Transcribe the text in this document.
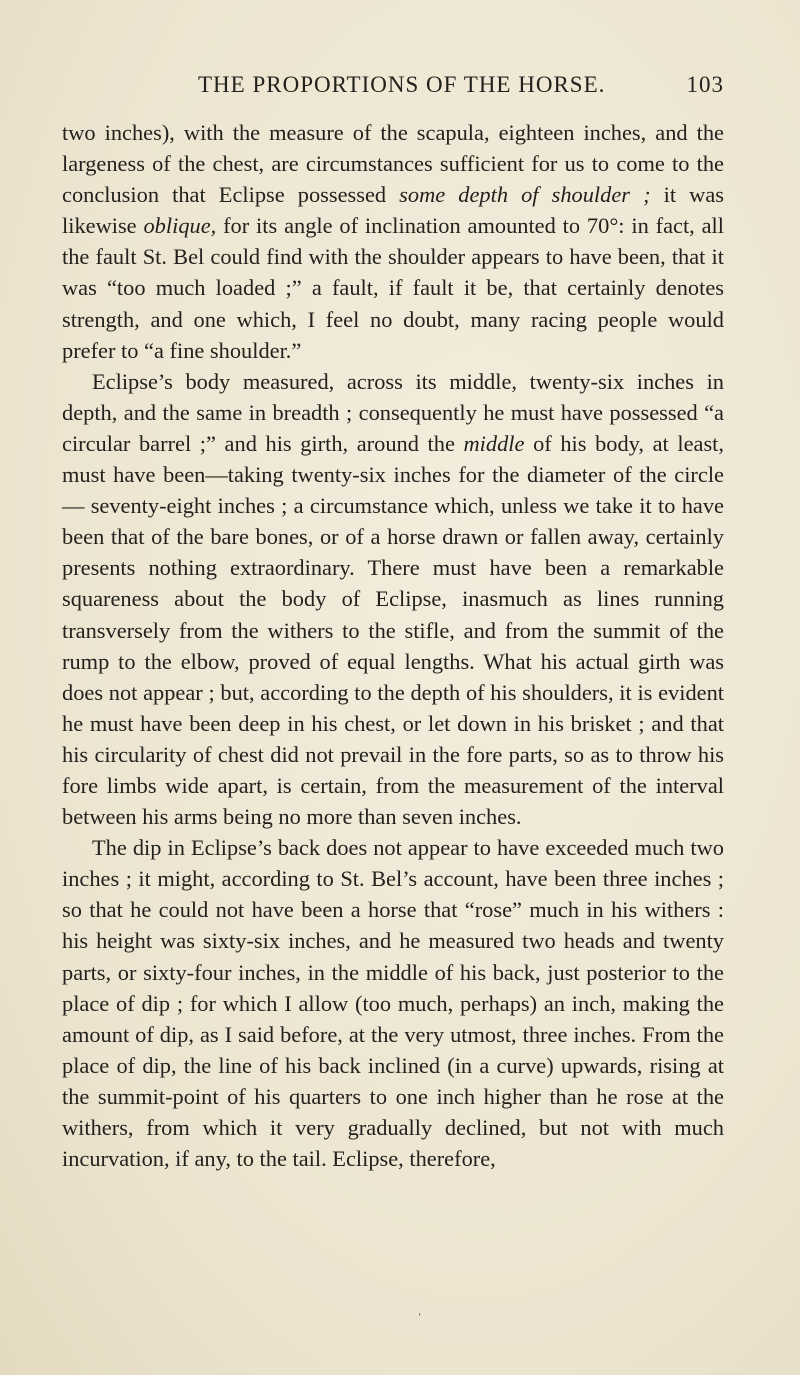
THE PROPORTIONS OF THE HORSE.	103

two inches), with the measure of the scapula, eighteen inches, and the largeness of the chest, are circumstances sufficient for us to come to the conclusion that Eclipse possessed some depth of shoulder ; it was likewise oblique, for its angle of inclination amounted to 70°: in fact, all the fault St. Bel could find with the shoulder appears to have been, that it was “too much loaded ;” a fault, if fault it be, that certainly denotes strength, and one which, I feel no doubt, many racing people would prefer to “a fine shoulder.”

Eclipse’s body measured, across its middle, twenty-six inches in depth, and the same in breadth ; consequently he must have possessed “a circular barrel ;” and his girth, around the middle of his body, at least, must have been—taking twenty-six inches for the diameter of the circle — seventy-eight inches ; a circumstance which, unless we take it to have been that of the bare bones, or of a horse drawn or fallen away, certainly presents nothing extraordinary. There must have been a remarkable squareness about the body of Eclipse, inasmuch as lines running transversely from the withers to the stifle, and from the summit of the rump to the elbow, proved of equal lengths. What his actual girth was does not appear ; but, according to the depth of his shoulders, it is evident he must have been deep in his chest, or let down in his brisket ; and that his circularity of chest did not prevail in the fore parts, so as to throw his fore limbs wide apart, is certain, from the measurement of the interval between his arms being no more than seven inches.

The dip in Eclipse’s back does not appear to have exceeded much two inches ; it might, according to St. Bel’s account, have been three inches ; so that he could not have been a horse that “rose” much in his withers : his height was sixty-six inches, and he measured two heads and twenty parts, or sixty-four inches, in the middle of his back, just posterior to the place of dip ; for which I allow (too much, perhaps) an inch, making the amount of dip, as I said before, at the very utmost, three inches. From the place of dip, the line of his back inclined (in a curve) upwards, rising at the summit-point of his quarters to one inch higher than he rose at the withers, from which it very gradually declined, but not with much incurvation, if any, to the tail. Eclipse, therefore,

‘
